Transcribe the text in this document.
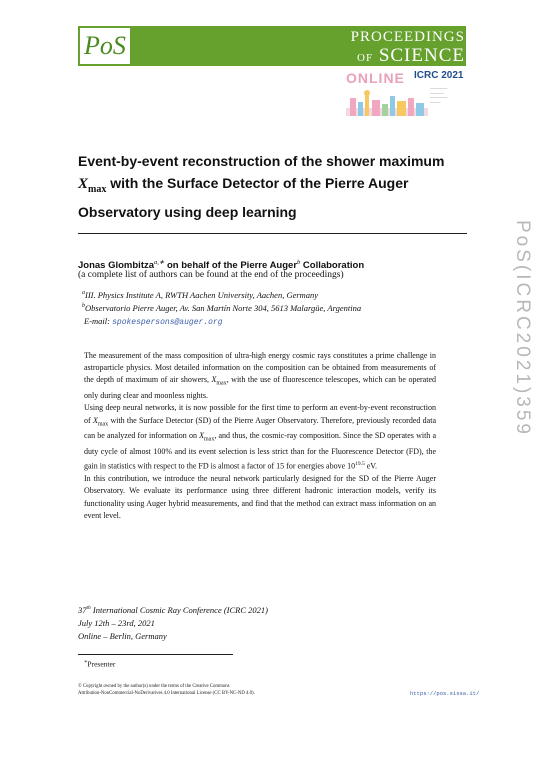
PoS	PROCEEDINGS
OF SCIENCE
ONLINE ICRC 2021
—————
————
—————
———
PoS(ICRC2021)359
Event-by-event reconstruction of the shower maximum
$X_{max}$ with the Surface Detector of the Pierre Auger
Observatory using deep learning
Jonas Glombitza$^{a,∗}$ on behalf of the Pierre Auger$^b$ Collaboration
(a complete list of authors can be found at the end of the proceedings)
$^a$III. Physics Institute A, RWTH Aachen University, Aachen, Germany
$^b$Observatorio Pierre Auger, Av. San Martín Norte 304, 5613 Malargüe, Argentina
E-mail: spokespersons@auger.org

The measurement of the mass composition of ultra-high energy cosmic rays constitutes a prime challenge in astroparticle physics. Most detailed information on the composition can be obtained from measurements of the depth of maximum of air showers, $X_{max}$, with the use of fluorescence telescopes, which can be operated only during clear and moonless nights.

Using deep neural networks, it is now possible for the first time to perform an event-by-event reconstruction of $X_{max}$ with the Surface Detector (SD) of the Pierre Auger Observatory. Therefore, previously recorded data can be analyzed for information on $X_{max}$, and thus, the cosmic-ray composition. Since the SD operates with a duty cycle of almost 100% and its event selection is less strict than for the Fluorescence Detector (FD), the gain in statistics with respect to the FD is almost a factor of 15 for energies above $10^{19.5}$ eV.

In this contribution, we introduce the neural network particularly designed for the SD of the Pierre Auger Observatory. We evaluate its performance using three different hadronic interaction models, verify its functionality using Auger hybrid measurements, and find that the method can extract mass information on an event level.

37th International Cosmic Ray Conference (ICRC 2021)
July 12th – 23rd, 2021
Online – Berlin, Germany
∗Presenter
© Copyright owned by the author(s) under the terms of the Creative Commons
Attribution-NonCommercial-NoDerivatives 4.0 International License (CC BY-NC-ND 4.0).	https://pos.sissa.it/
